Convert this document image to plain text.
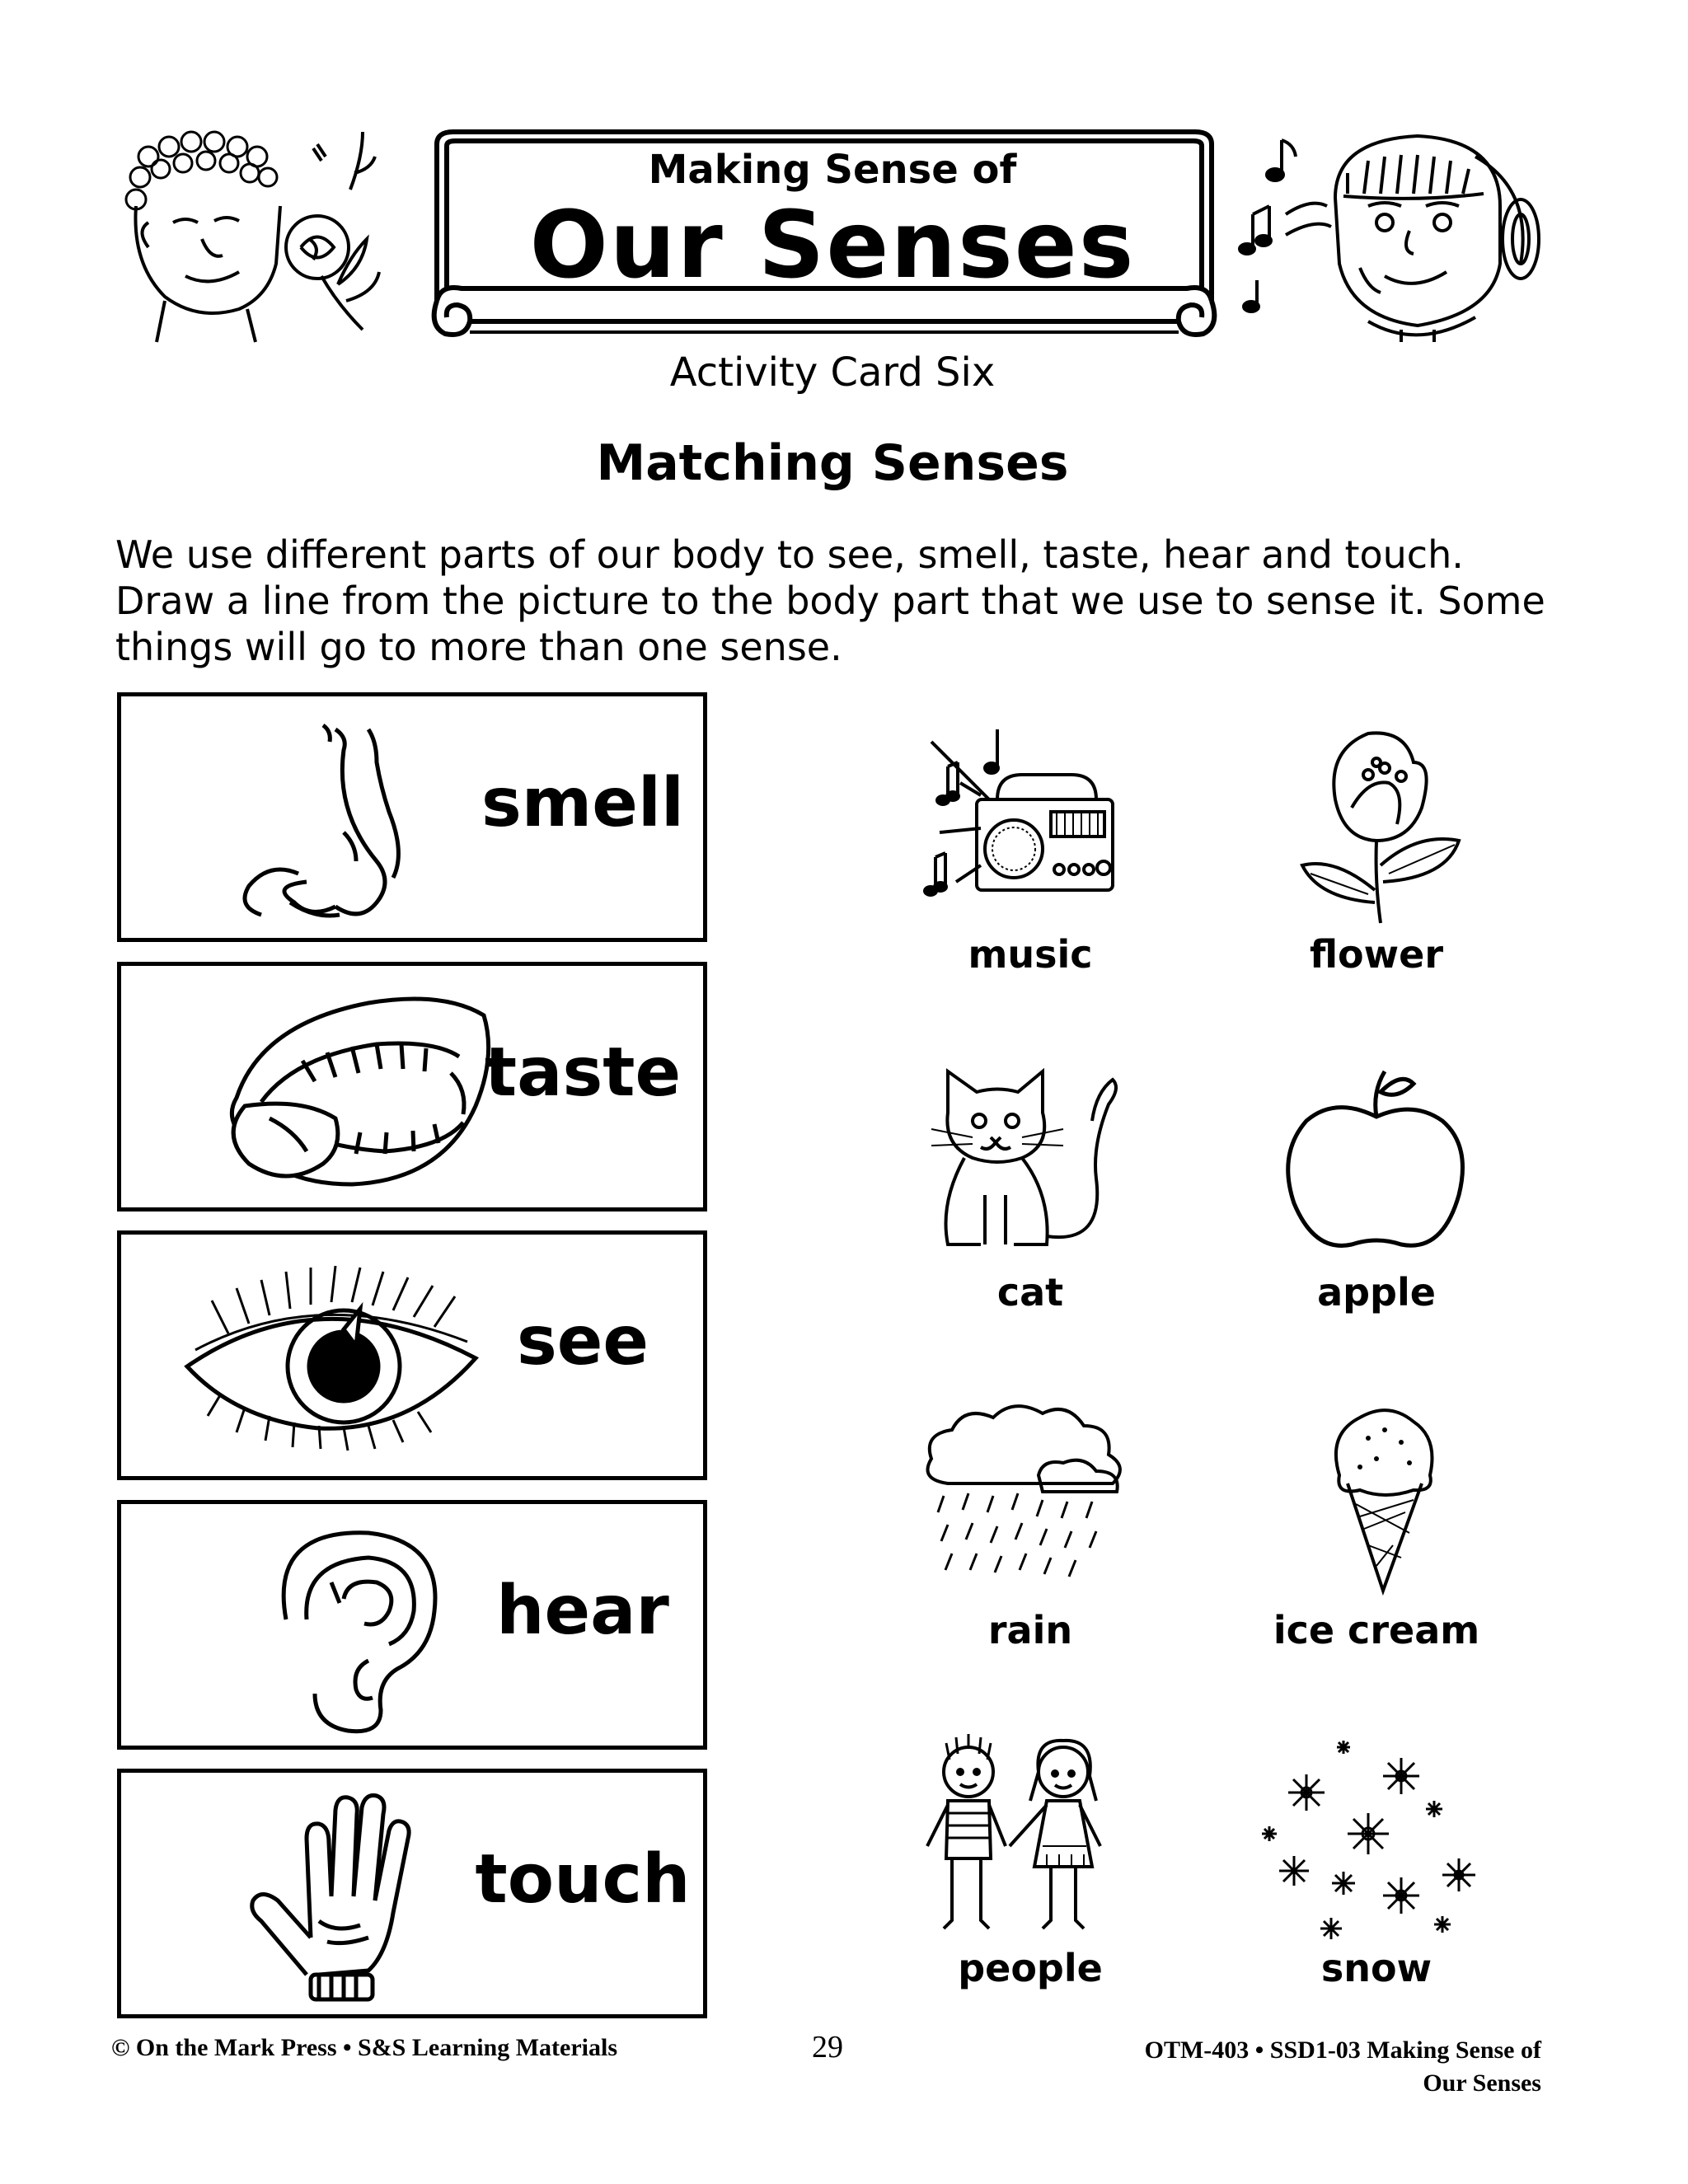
Making Sense of
Our Senses
Activity Card Six
Matching Senses
We use different parts of our body to see, smell, taste, hear and touch.
Draw a line from the picture to the body part that we use to sense it. Some
things will go to more than one sense.
smell
taste
see
hear
touch
music	flower
cat	apple
rain	ice cream
people	snow
© On the Mark Press • S&S Learning Materials	29	OTM-403 • SSD1-03 Making Sense of
Our Senses
